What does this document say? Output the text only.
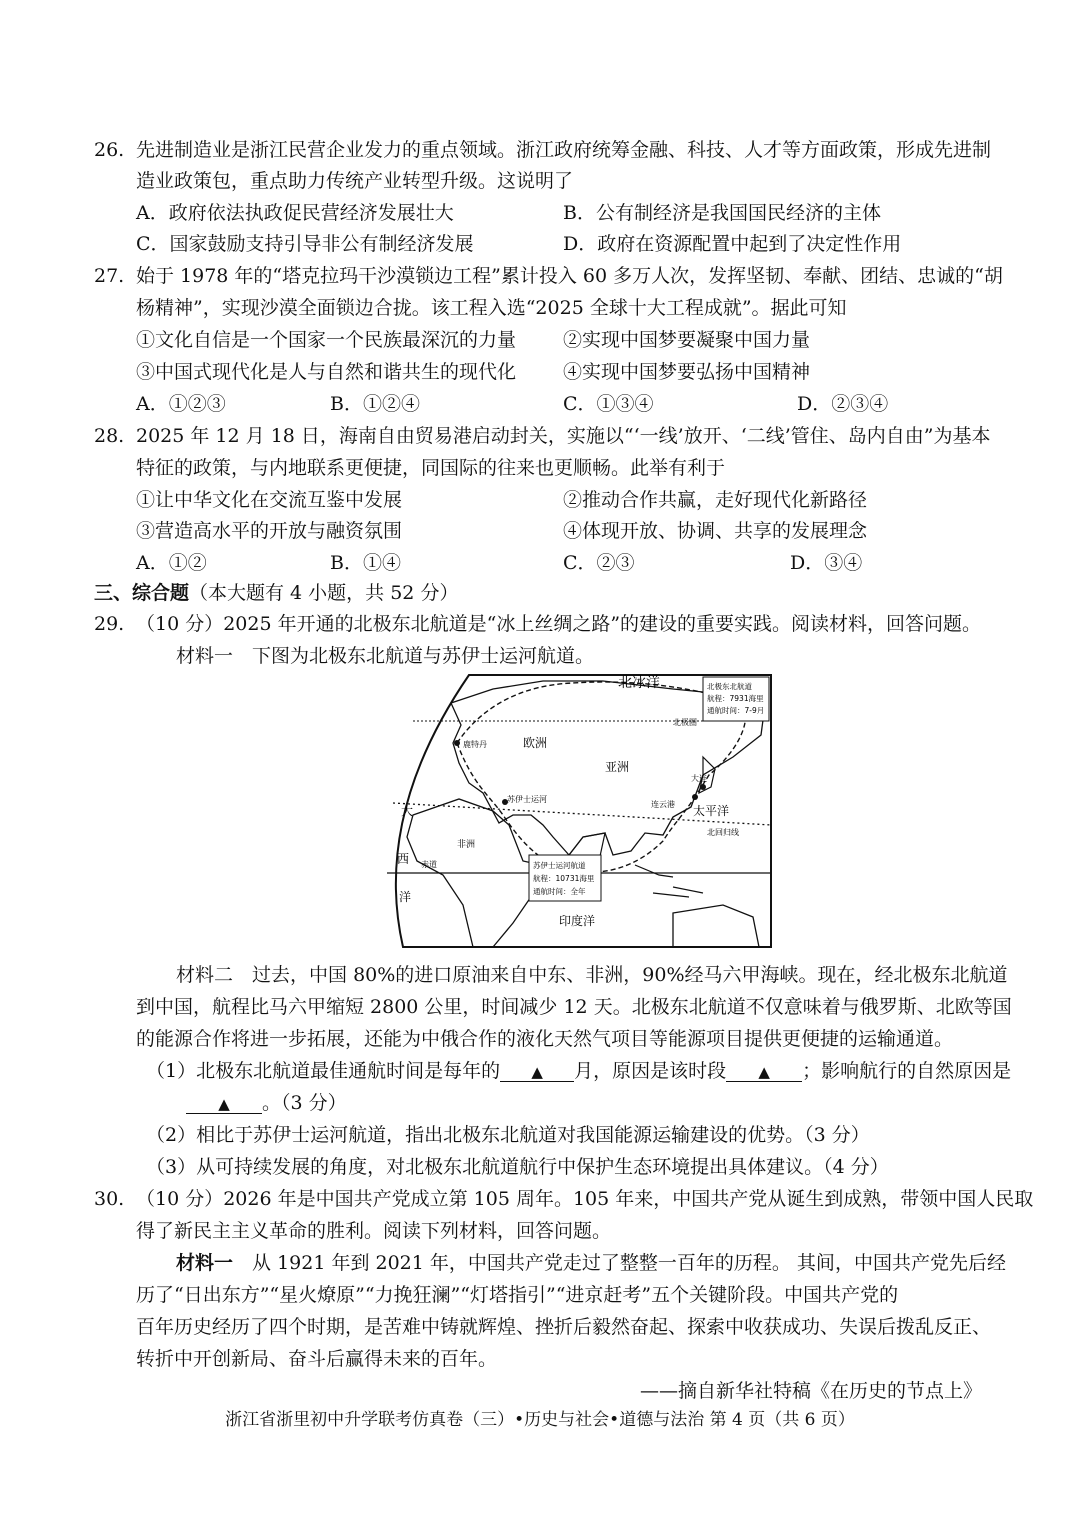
26. 先进制造业是浙江民营企业发力的重点领域。浙江政府统筹金融、科技、人才等方面政策，形成先进制
造业政策包，重点助力传统产业转型升级。这说明了
A．政府依法执政促民营经济发展壮大	B．公有制经济是我国国民经济的主体
C．国家鼓励支持引导非公有制经济发展	D．政府在资源配置中起到了决定性作用
27. 始于 1978 年的“塔克拉玛干沙漠锁边工程”累计投入 60 多万人次，发挥坚韧、奉献、团结、忠诚的“胡
杨精神”，实现沙漠全面锁边合拢。该工程入选“2025 全球十大工程成就”。据此可知
①文化自信是一个国家一个民族最深沉的力量 ②实现中国梦要凝聚中国力量
③中国式现代化是人与自然和谐共生的现代化 ④实现中国梦要弘扬中国精神
A．①②③	B．①②④	C．①③④	D．②③④
28. 2025 年 12 月 18 日，海南自由贸易港启动封关，实施以“‘一线’放开、‘二线’管住、岛内自由”为基本
特征的政策，与内地联系更便捷，同国际的往来也更顺畅。此举有利于
①让中华文化在交流互鉴中发展	②推动合作共赢，走好现代化新路径
③营造高水平的开放与融资氛围	④体现开放、协调、共享的发展理念
A．①②	B．①④	C．②③	D．③④
三、综合题（本大题有 4 小题，共 52 分）
29. （10 分）2025 年开通的北极东北航道是“冰上丝绸之路”的建设的重要实践。阅读材料，回答问题。
材料一　下图为北极东北航道与苏伊士运河航道。
北冰洋
欧洲
亚洲
太平洋
印度洋
大
西
洋
非洲
鹿特丹
苏伊士运河
连云港
大连
北极圈
北回归线
赤道
北极东北航道
航程：7931海里
通航时间：7-9月
苏伊士运河航道
航程：10731海里
通航时间：全年
材料二　 过去，中国 80%的进口原油来自中东、非洲，90%经马六甲海峡。现在，经北极东北航道
到中国，航程比马六甲缩短 2800 公里，时间减少 12 天。北极东北航道不仅意味着与俄罗斯、北欧等国
的能源合作将进一步拓展，还能为中俄合作的液化天然气项目等能源项目提供更便捷的运输通道。
（1）北极东北航道最佳通航时间是每年的 ▲ 月，原因是该时段 ▲ ；影响航行的自然原因是
▲ 。（3 分）
（2）相比于苏伊士运河航道，指出北极东北航道对我国能源运输建设的优势。（3 分）
（3）从可持续发展的角度，对北极东北航道航行中保护生态环境提出具体建议。（4 分）
30. （10 分）2026 年是中国共产党成立第 105 周年。105 年来，中国共产党从诞生到成熟，带领中国人民取
得了新民主主义革命的胜利。阅读下列材料，回答问题。
材料一　 从 1921 年到 2021 年，中国共产党走过了整整一百年的历程。 其间，中国共产党先后经
历了“日出东方”“星火燎原”“力挽狂澜”“灯塔指引”“进京赶考”五个关键阶段。中国共产党的
百年历史经历了四个时期，是苦难中铸就辉煌、挫折后毅然奋起、探索中收获成功、失误后拨乱反正、
转折中开创新局、奋斗后赢得未来的百年。
——摘自新华社特稿《在历史的节点上》
浙江省浙里初中升学联考仿真卷（三）•历史与社会•道德与法治 第 4 页（共 6 页）
